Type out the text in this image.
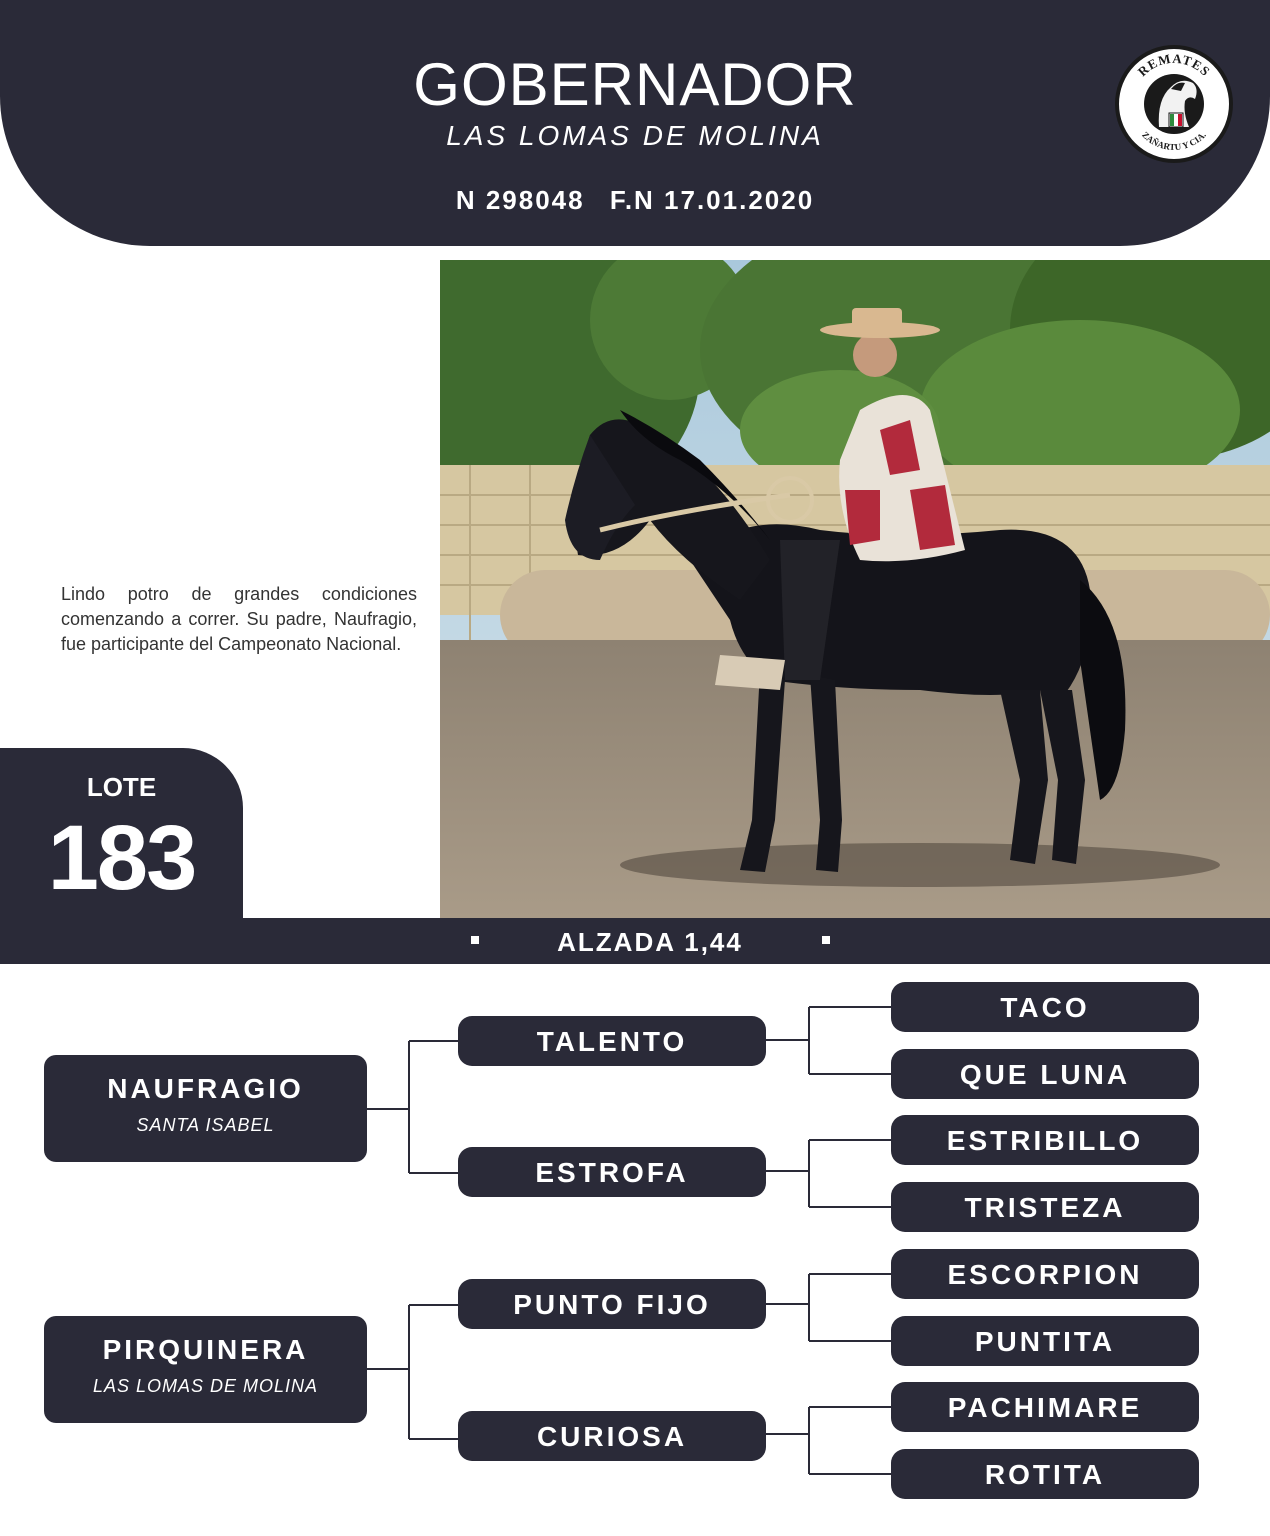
GOBERNADOR
LAS LOMAS DE MOLINA
N 298048 F.N 17.01.2020
REMATES
ZAÑARTU Y CIA.

Lindo potro de grandes condiciones comenzando a correr. Su padre, Naufragio, fue participante del Campeonato Nacional.

LOTE
183
ALZADA 1,44
NAUFRAGIO
SANTA ISABEL
PIRQUINERA
LAS LOMAS DE MOLINA
TALENTO
ESTROFA
PUNTO FIJO
CURIOSA
TACO
QUE LUNA
ESTRIBILLO
TRISTEZA
ESCORPION
PUNTITA
PACHIMARE
ROTITA
